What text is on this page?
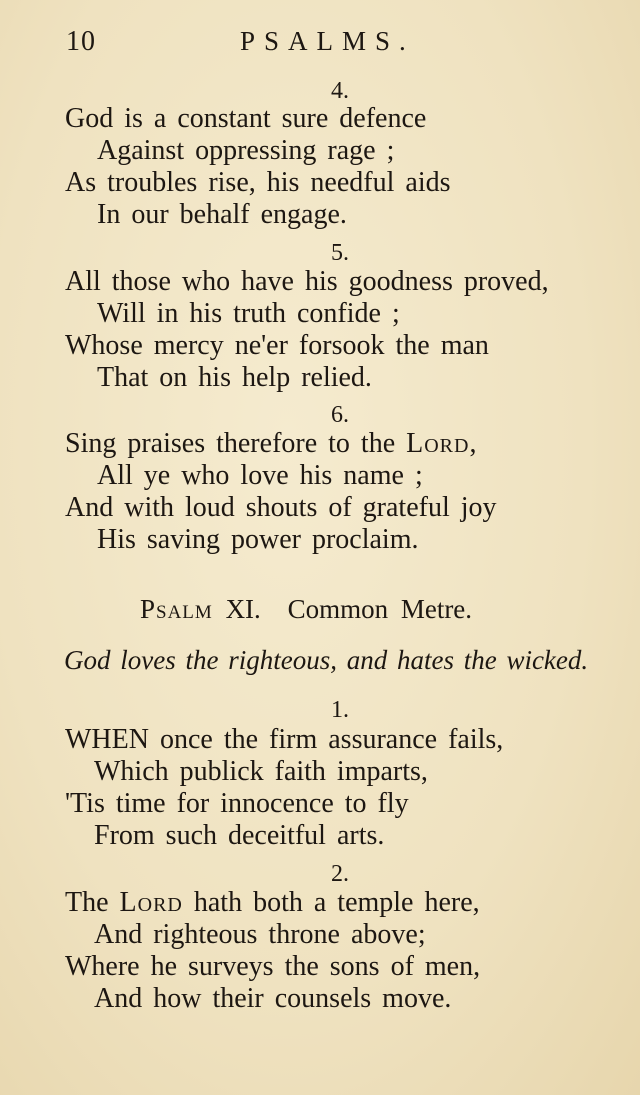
10	PSALMS.
4.
God is a constant sure defence
Against oppressing rage ;
As troubles rise, his needful aids
In our behalf engage.
5.
All those who have his goodness proved,
Will in his truth confide ;
Whose mercy ne'er forsook the man
That on his help relied.
6.
Sing praises therefore to the Lord,
All ye who love his name ;
And with loud shouts of grateful joy
His saving power proclaim.
Psalm XI. Common Metre.
God loves the righteous, and hates the wicked.
1.
WHEN once the firm assurance fails,
Which publick faith imparts,
'Tis time for innocence to fly
From such deceitful arts.
2.
The Lord hath both a temple here,
And righteous throne above;
Where he surveys the sons of men,
And how their counsels move.
